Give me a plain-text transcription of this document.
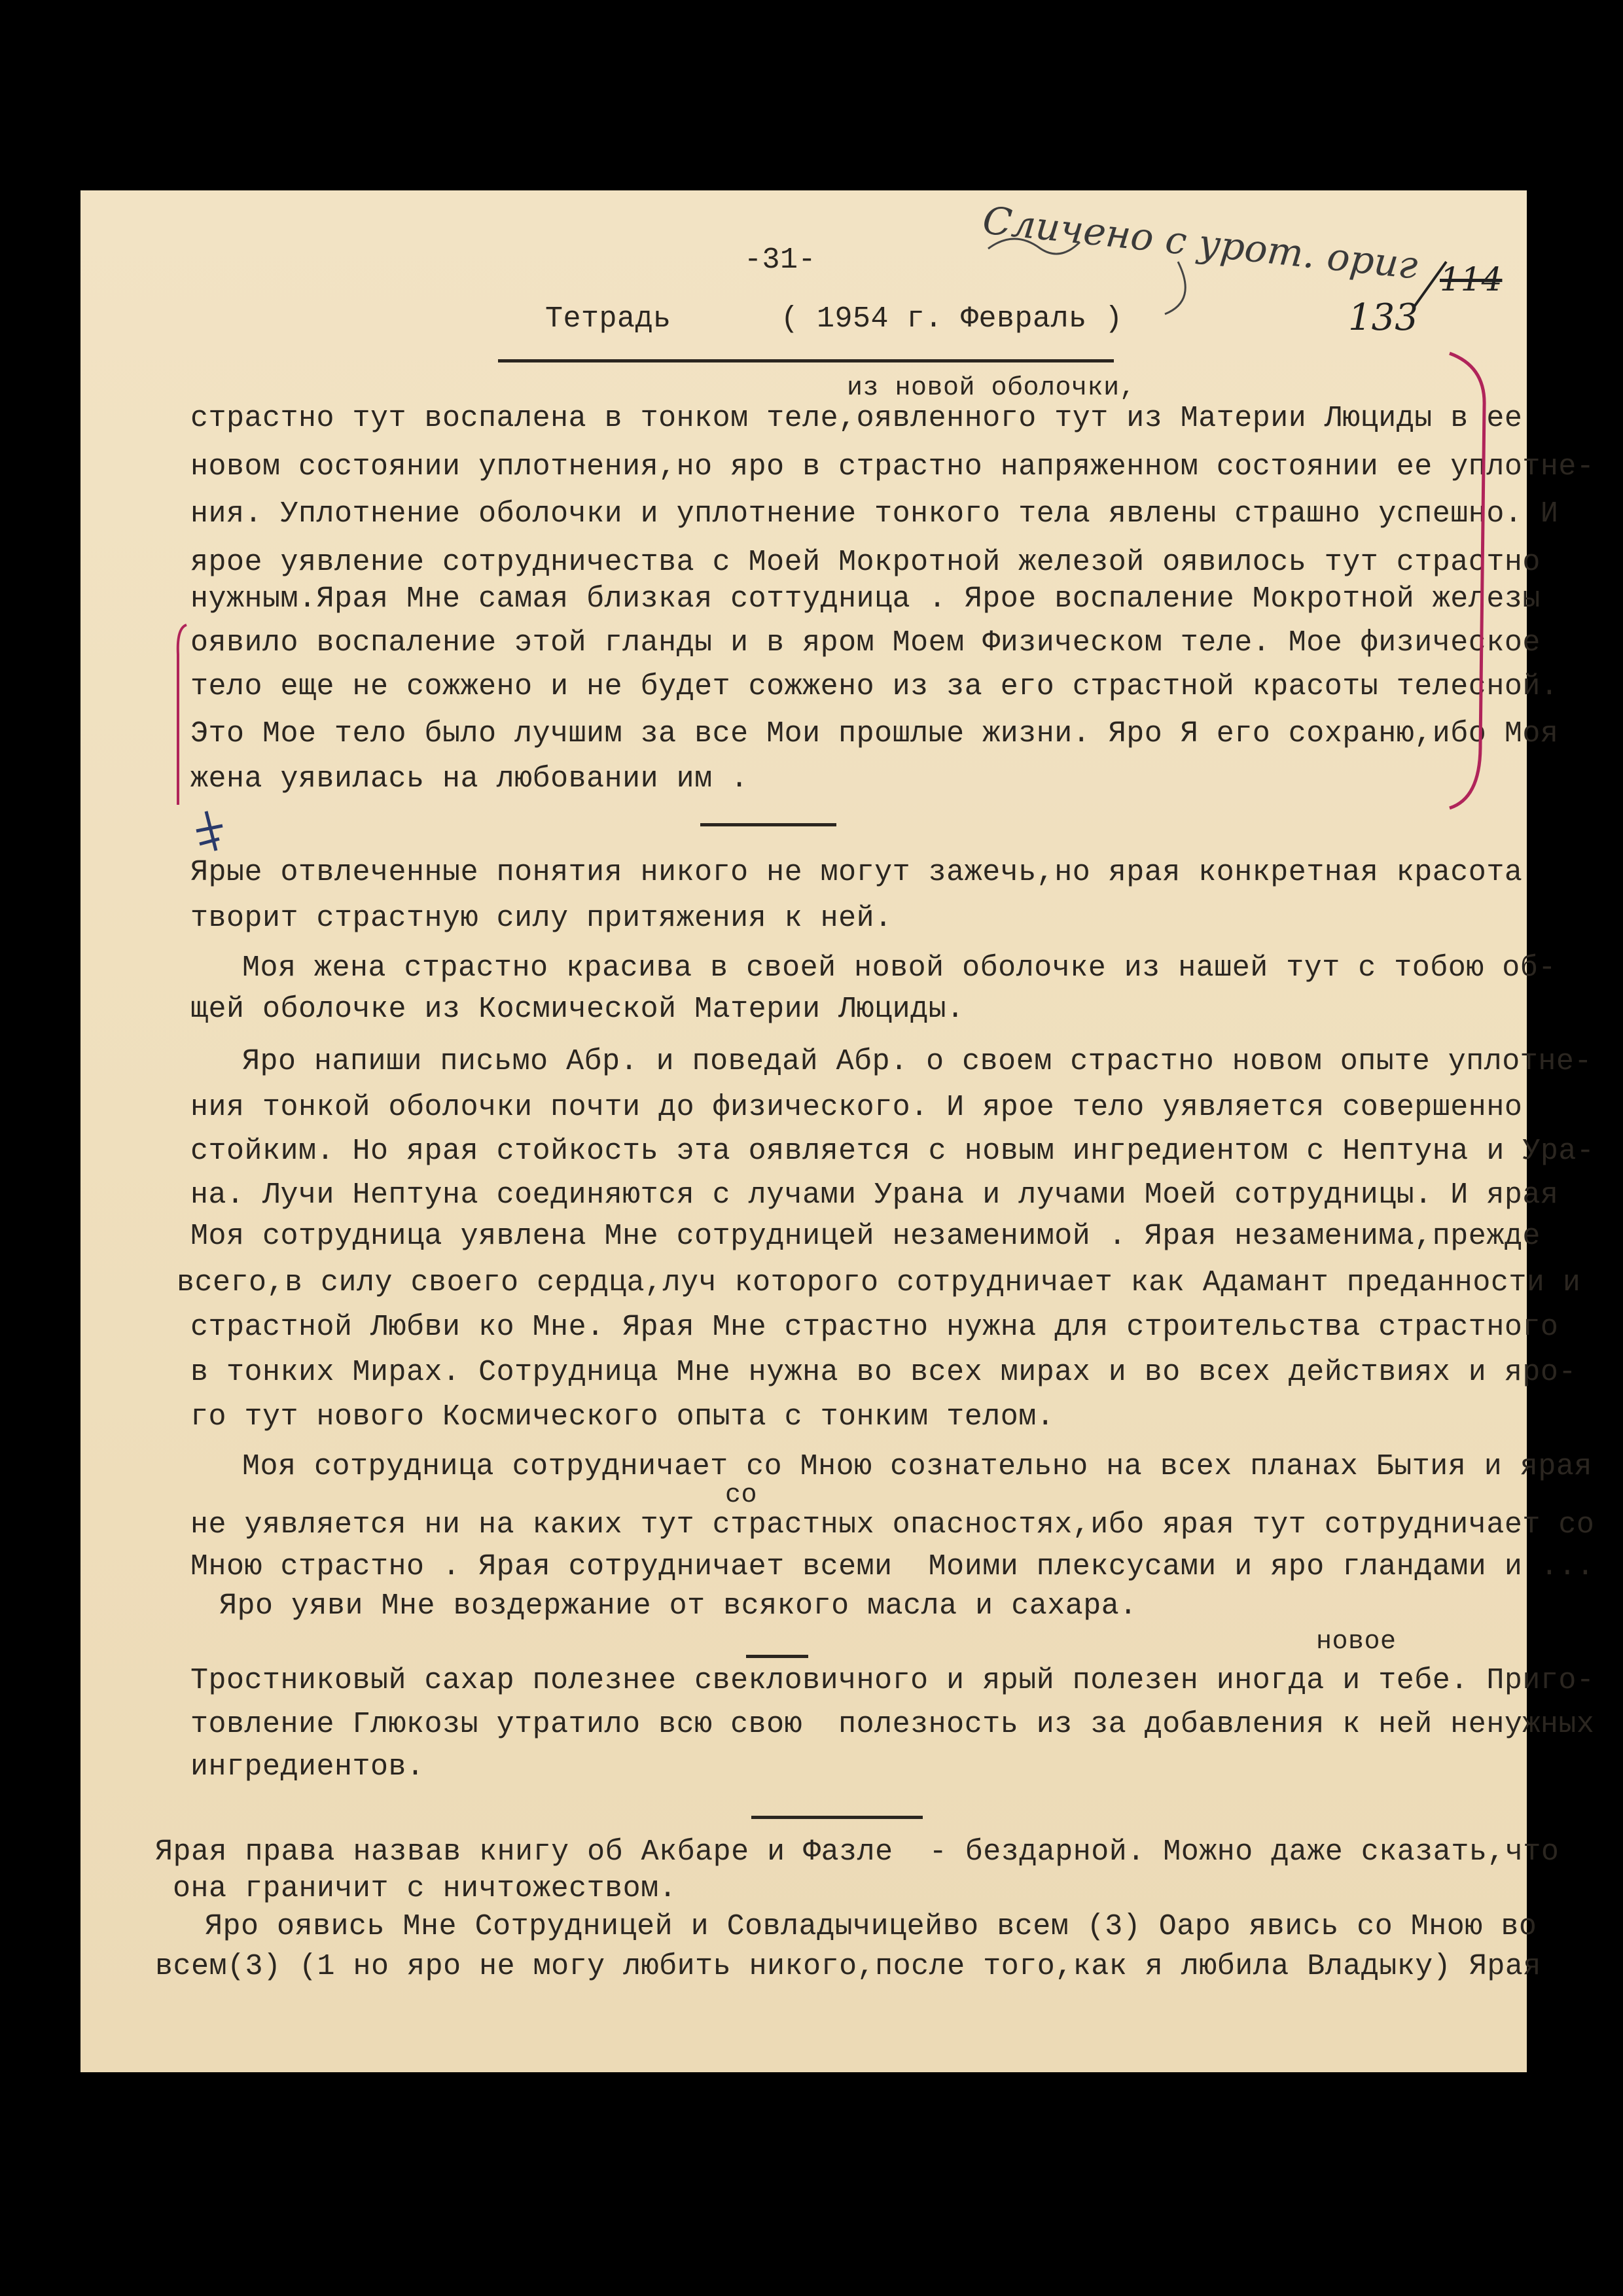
-31-	Сличено с урот. ориг
Тетрадь	( 1954 г. Февраль )	133
114
из новой оболочки,
страстно тут воспалена в тонком теле,оявленного тут из Материи Люциды в ее
новом состоянии уплотнения,но яро в страстно напряженном состоянии ее уплотне-
ния. Уплотнение оболочки и уплотнение тонкого тела явлены страшно успешно. И
ярое уявление сотрудничества с Моей Мокротной железой оявилось тут страстно
нужным.Ярая Мне самая близкая соттудница . Ярое воспаление Мокротной железы
оявило воспаление этой гланды и в яром Моем Физическом теле. Мое физическое
тело еще не сожжено и не будет сожжено из за его страстной красоты телесной.
Это Мое тело было лучшим за все Мои прошлые жизни. Яро Я его сохраню,ибо Моя
жена уявилась на любовании им .
Ярые отвлеченные понятия никого не могут зажечь,но ярая конкретная красота
творит страстную силу притяжения к ней.
Моя жена страстно красива в своей новой оболочке из нашей тут с тобою об-
щей оболочке из Космической Материи Люциды.
Яро напиши письмо Абр. и поведай Абр. о своем страстно новом опыте уплотне-
ния тонкой оболочки почти до физического. И ярое тело уявляется совершенно
стойким. Но ярая стойкость эта оявляется с новым ингредиентом с Нептуна и Ура-
на. Лучи Нептуна соединяются с лучами Урана и лучами Моей сотрудницы. И ярая
Моя сотрудница уявлена Мне сотрудницей незаменимой . Ярая незаменима,прежде
всего,в силу своего сердца,луч которого сотрудничает как Адамант преданности и
страстной Любви ко Мне. Ярая Мне страстно нужна для строительства страстного
в тонких Мирах. Сотрудница Мне нужна во всех мирах и во всех действиях и яро-
го тут нового Космического опыта с тонким телом.
Моя сотрудница сотрудничает со Мною сознательно на всех планах Бытия и ярая
не уявляется ни на каких тут страстных опасностях,ибо ярая тут сотрудничает со
Мною страстно . Ярая сотрудничает всеми  Моими плексусами и яро гландами и ...
Яро уяви Мне воздержание от всякого масла и сахара.
Тростниковый сахар полезнее свекловичного и ярый полезен иногда и тебе. Приго-
товление Глюкозы утратило всю свою  полезность из за добавления к ней ненужных
ингредиентов.
Ярая права назвав книгу об Акбаре и Фазле  - бездарной. Можно даже сказать,что
она граничит с ничтожеством.
Яро оявись Мне Сотрудницей и Совладычицейво всем (3) Оаро явись со Мною во
всем(3) (1 но яро не могу любить никого,после того,как я любила Владыку) Ярая
со
новое
